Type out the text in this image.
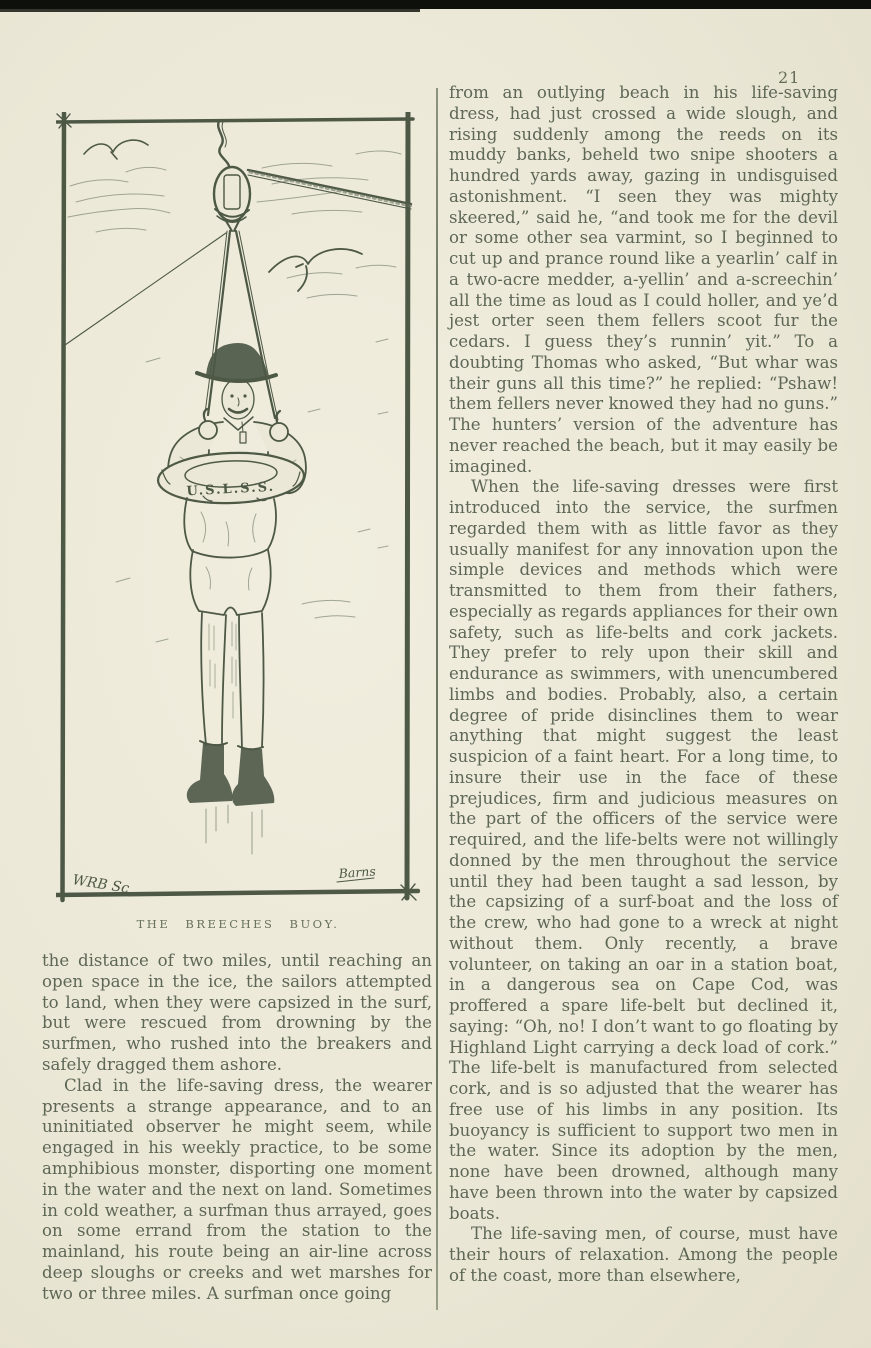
21
U.S.L.S.S.
WRB Sc	Barns
THE BREECHES BUOY.

the distance of two miles, until reaching an open space in the ice, the sailors attempted to land, when they were capsized in the surf, but were rescued from drowning by the surfmen, who rushed into the breakers and safely dragged them ashore.

Clad in the life-saving dress, the wearer presents a strange appearance, and to an uninitiated observer he might seem, while engaged in his weekly practice, to be some amphibious monster, disporting one moment in the water and the next on land. Sometimes in cold weather, a surfman thus arrayed, goes on some errand from the station to the mainland, his route being an air-line across deep sloughs or creeks and wet marshes for two or three miles. A surfman once going

from an outlying beach in his life-saving dress, had just crossed a wide slough, and rising suddenly among the reeds on its muddy banks, beheld two snipe shooters a hundred yards away, gazing in undisguised astonishment. “I seen they was mighty skeered,” said he, “and took me for the devil or some other sea varmint, so I beginned to cut up and prance round like a yearlin’ calf in a two-acre medder, a-yellin’ and a-screechin’ all the time as loud as I could holler, and ye’d jest orter seen them fellers scoot fur the cedars. I guess they’s runnin’ yit.” To a doubting Thomas who asked, “But whar was their guns all this time?” he replied: “Pshaw! them fellers never knowed they had no guns.” The hunters’ version of the adventure has never reached the beach, but it may easily be imagined.

When the life-saving dresses were first introduced into the service, the surfmen regarded them with as little favor as they usually manifest for any innovation upon the simple devices and methods which were transmitted to them from their fathers, especially as regards appliances for their own safety, such as life-belts and cork jackets. They prefer to rely upon their skill and endurance as swimmers, with unencumbered limbs and bodies. Probably, also, a certain degree of pride disinclines them to wear anything that might suggest the least suspicion of a faint heart. For a long time, to insure their use in the face of these prejudices, firm and judicious measures on the part of the officers of the service were required, and the life-belts were not willingly donned by the men throughout the service until they had been taught a sad lesson, by the capsizing of a surf-boat and the loss of the crew, who had gone to a wreck at night without them. Only recently, a brave volunteer, on taking an oar in a station boat, in a dangerous sea on Cape Cod, was proffered a spare life-belt but declined it, saying: “Oh, no! I don’t want to go floating by Highland Light carrying a deck load of cork.” The life-belt is manufactured from selected cork, and is so adjusted that the wearer has free use of his limbs in any position. Its buoyancy is sufficient to support two men in the water. Since its adoption by the men, none have been drowned, although many have been thrown into the water by capsized boats.

The life-saving men, of course, must have their hours of relaxation. Among the people of the coast, more than elsewhere,
